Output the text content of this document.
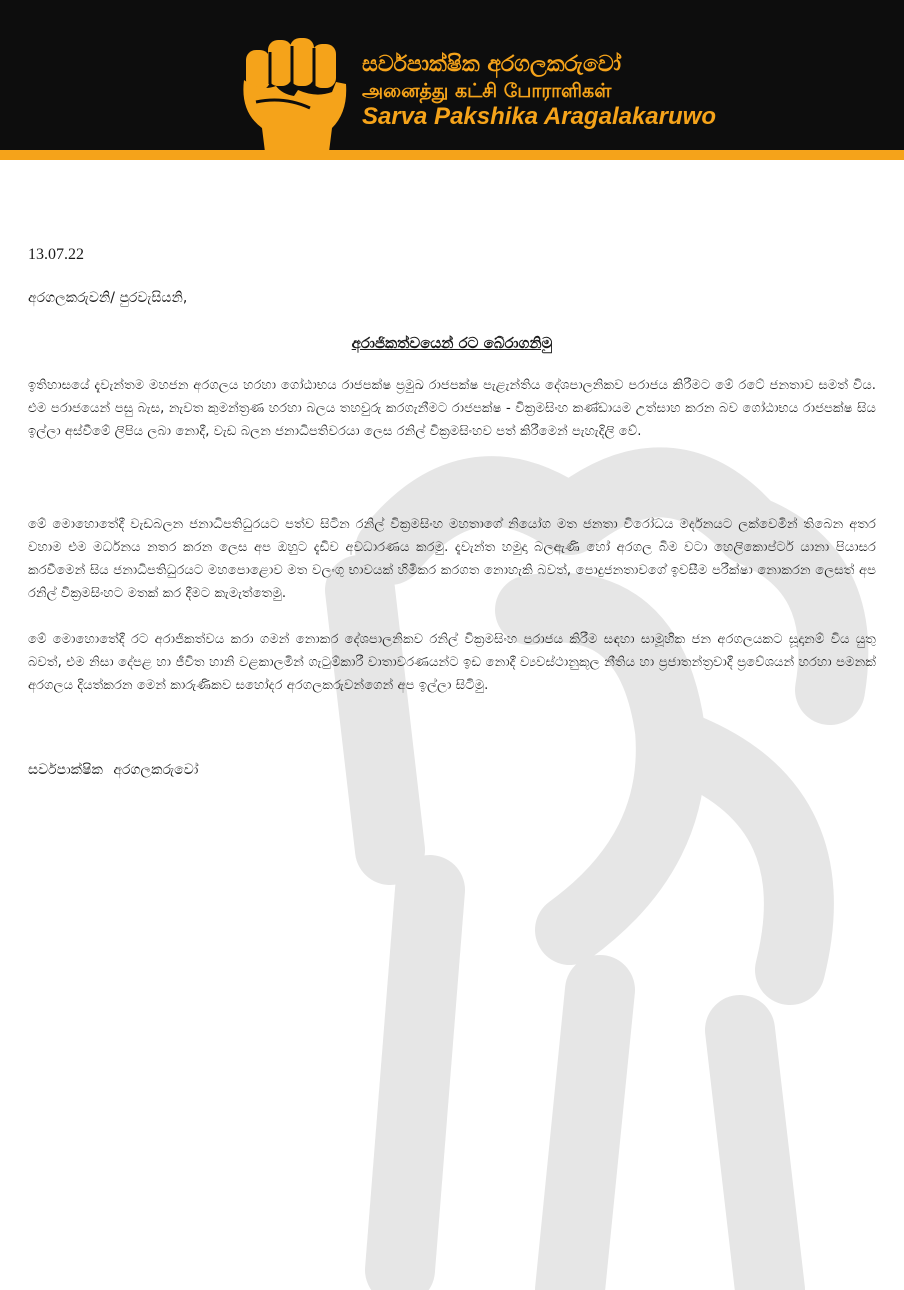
සර්වපාක්ෂික අරගලකරුවෝ
அனைத்து கட்சி போராளிகள்
Sarva Pakshika Aragalakaruwo
13.07.22
අරගලකරුවනි/ පුරවැසියනි,
අරාජිකත්වයෙන් රට බේරාගනිමු

ඉතිහාසයේ දැවැන්තම මහජන අරගලය හරහා ගෝඨාභය රාජපක්ෂ ප්‍රමුඛ රාජපක්ෂ පැළැන්තිය දේශපාලනිකව පරාජය කිරීමට මේ රටේ ජනතාව සමත් විය. එම පරාජයෙන් පසු බැස, නැවත කුමන්ත්‍රණ හරහා බලය තහවුරු කරගැනීමට රාජපක්ෂ - වික්‍රමසිංහ කණ්ඩායම උත්සාහ කරන බව ගෝඨාභය රාජපක්ෂ සිය ඉල්ලා අස්වීමේ ලිපිය ලබා නොදී, වැඩ බලන ජනාධිපතිවරයා ලෙස රනිල් වික්‍රමසිංහව පත් කිරීමෙන් පැහැදිලි වේ.

මේ මොහොතේදී වැඩබලන ජනාධිපතිධුරයට පත්ව සිටින රනිල් වික්‍රමසිංහ මහතාගේ නියෝග මත ජනතා විරෝධය මර්දනයට ලක්වෙමින් තිබෙන අතර වහාම එම මර්ධනය නතර කරන ලෙස අප ඔහුට දැඩිව අවධාරණය කරමු. දැවැන්ත හමුදා බලඇණි හෝ අරගල බිම වටා හෙලිකොප්ටර් යානා පියාසර කරවීමෙන් සිය ජනාධිපතිධුරයට මහපොළොව මත වලංගු භාවයක් හිමිකර කරගත නොහැකි බවත්, පොදුජනතාවගේ ඉවසීම පරීක්ෂා නොකරන ලෙසත් අප රනිල් වික්‍රමසිංහට මතක් කර දීමට කැමැත්තෙමු.

මේ මොහොතේදී රට අරාජිකත්වය කරා ගමන් නොකර දේශපාලනිකව රනිල් වික්‍රමසිංහ පරාජය කිරීම සඳහා සාමූහික ජන අරගලයකට සූදානම් විය යුතු බවත්, එම නිසා දේපළ හා ජීවිත හානි වළකාලමින් ගැටුම්කාරී වාතාවරණයන්ට ඉඩ නොදී ව්‍යවස්ථානුකූල නීතිය හා ප්‍රජාතන්ත්‍රවාදී ප්‍රවේශයන් හරහා පමනක් අරගලය දියත්කරන මෙන් කාරුණිකව සහෝදර අරගලකරුවන්ගෙන් අප ඉල්ලා සිටිමු.

සර්වපාක්ෂික අරගලකරුවෝ
